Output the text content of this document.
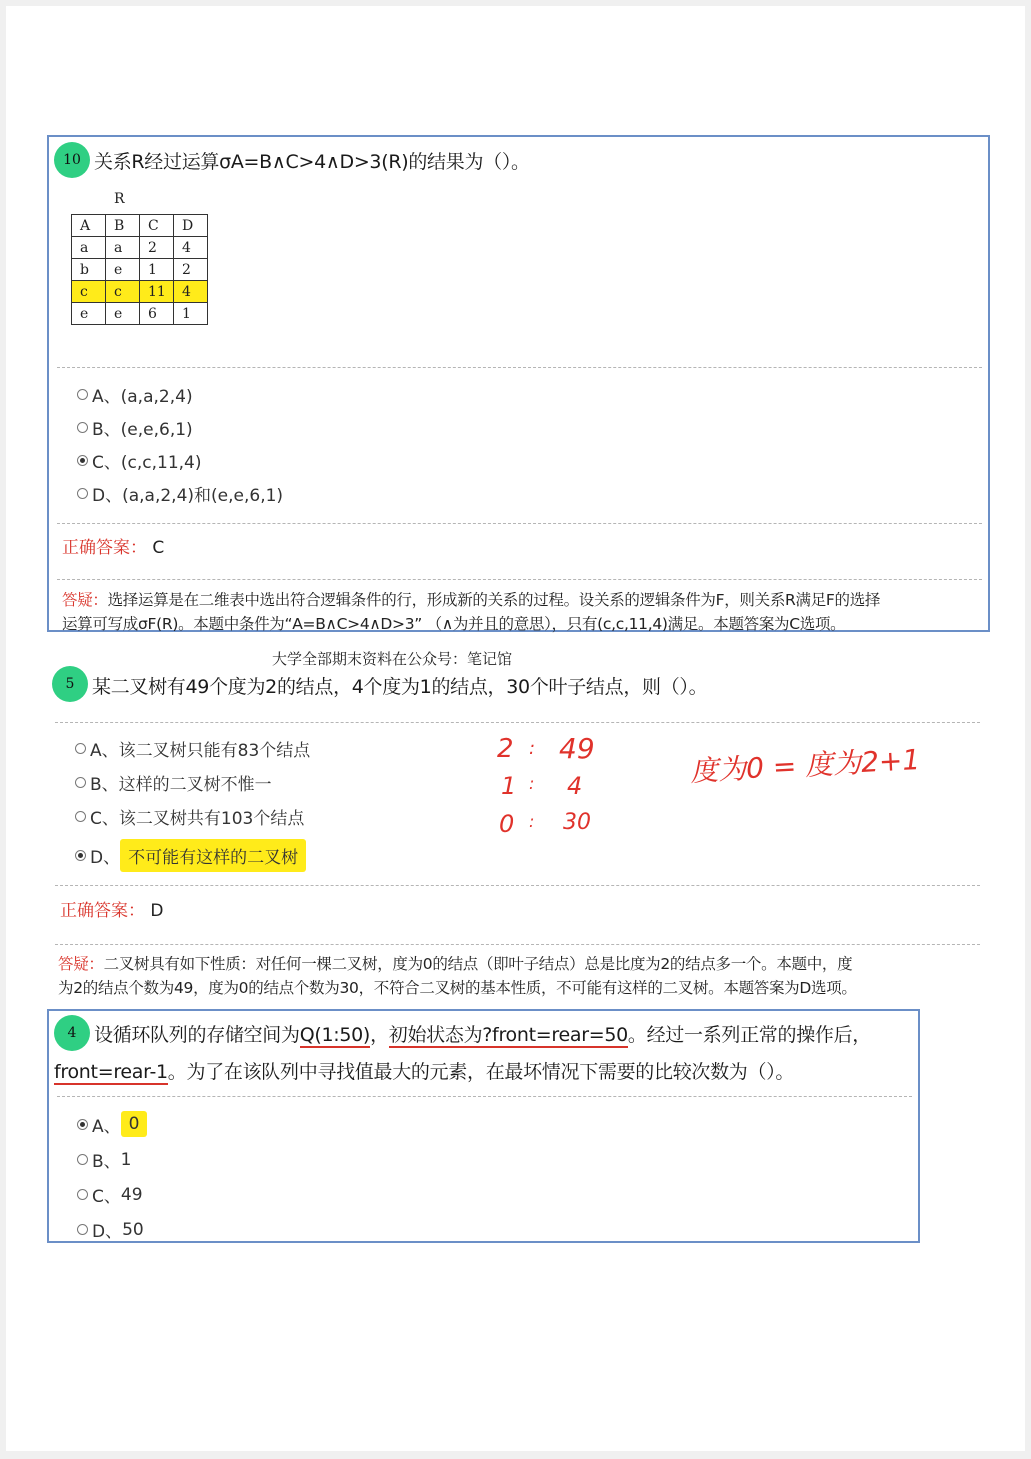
10 关系R经过运算σA=B∧C>4∧D>3(R)的结果为（）。
R
A	B	C	D
a	a	2	4
b	e	1	2
c	c	11	4
e	e	6	1
A、(a,a,2,4)
B、(e,e,6,1)
C、(c,c,11,4)
D、(a,a,2,4)和(e,e,6,1)
正确答案： C
答疑：选择运算是在二维表中选出符合逻辑条件的行，形成新的关系的过程。设关系的逻辑条件为F，则关系R满足F的选择
运算可写成σF(R)。本题中条件为“A=B∧C>4∧D>3” （∧为并且的意思），只有(c,c,11,4)满足。本题答案为C选项。
大学全部期末资料在公众号：笔记馆
5 某二叉树有49个度为2的结点，4个度为1的结点，30个叶子结点，则（）。
A、 该二叉树只能有83个结点
B、 这样的二叉树不惟一
C、 该二叉树共有103个结点
D、 不可能有这样的二叉树
2 : 49
1 : 4
0 : 30
度为0 = 度为2+1
正确答案： D
答疑：二叉树具有如下性质：对任何一棵二叉树，度为0的结点（即叶子结点）总是比度为2的结点多一个。本题中，度
为2的结点个数为49，度为0的结点个数为30，不符合二叉树的基本性质，不可能有这样的二叉树。本题答案为D选项。
4 设循环队列的存储空间为Q(1:50)，初始状态为?front=rear=50。经过一系列正常的操作后，
front=rear-1。为了在该队列中寻找值最大的元素，在最坏情况下需要的比较次数为（）。
A、 0
B、 1
C、 49
D、 50
